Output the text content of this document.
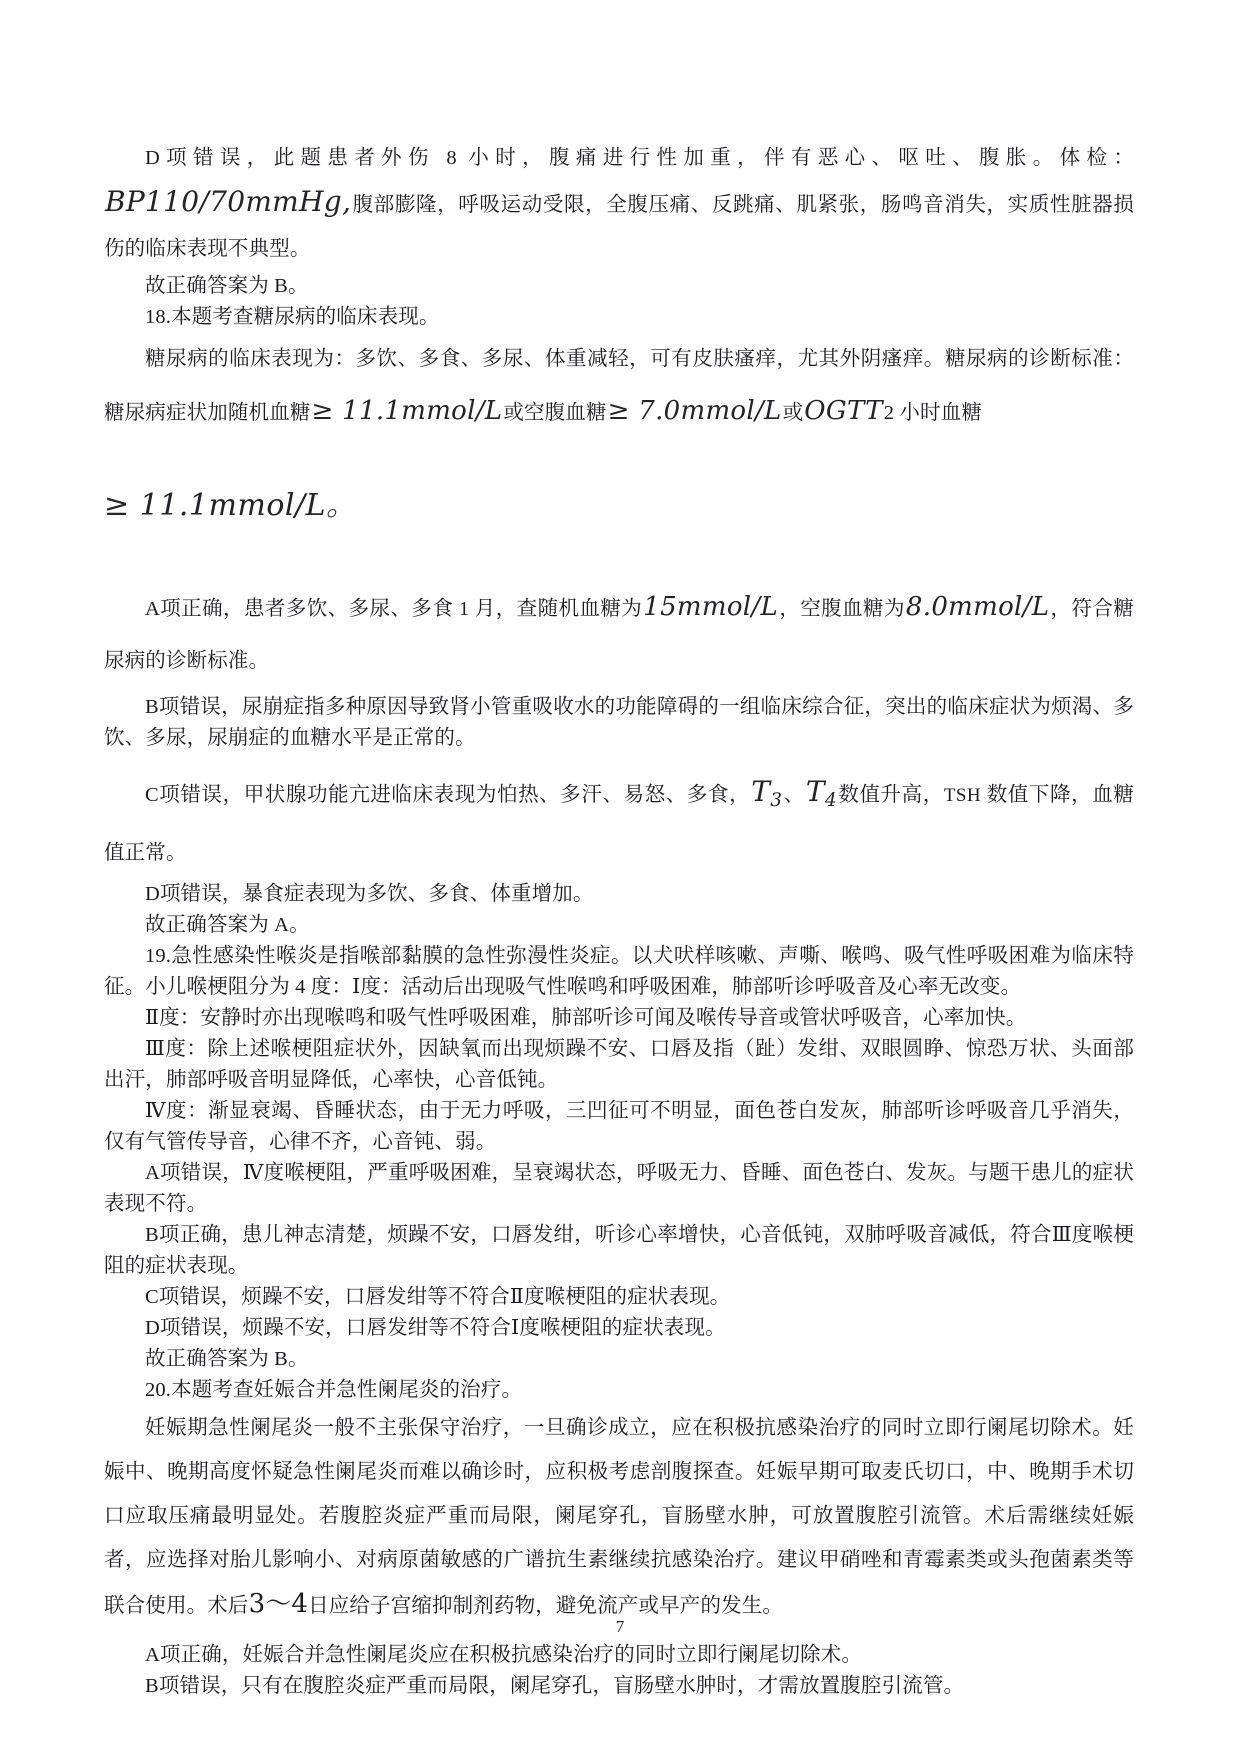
D项错误，此题患者外伤 8 小时，腹痛进行性加重，伴有恶心、呕吐、腹胀。体检：BP110/70mmHg,腹部膨隆，呼吸运动受限，全腹压痛、反跳痛、肌紧张，肠鸣音消失，实质性脏器损伤的临床表现不典型。

故正确答案为 B。

18.本题考查糖尿病的临床表现。

糖尿病的临床表现为：多饮、多食、多尿、体重减轻，可有皮肤瘙痒，尤其外阴瘙痒。糖尿病的诊断标准：糖尿病症状加随机血糖≥ 11.1mmol/L或空腹血糖≥ 7.0mmol/L或OGTT2 小时血糖

≥ 11.1mmol/L。

A项正确，患者多饮、多尿、多食 1 月，查随机血糖为15mmol/L，空腹血糖为8.0mmol/L，符合糖尿病的诊断标准。

B项错误，尿崩症指多种原因导致肾小管重吸收水的功能障碍的一组临床综合征，突出的临床症状为烦渴、多饮、多尿，尿崩症的血糖水平是正常的。

C项错误，甲状腺功能亢进临床表现为怕热、多汗、易怒、多食，$T_3$、$T_4$数值升高，TSH 数值下降，血糖值正常。

D项错误，暴食症表现为多饮、多食、体重增加。

故正确答案为 A。

19.急性感染性喉炎是指喉部黏膜的急性弥漫性炎症。以犬吠样咳嗽、声嘶、喉鸣、吸气性呼吸困难为临床特征。小儿喉梗阻分为 4 度：Ⅰ度：活动后出现吸气性喉鸣和呼吸困难，肺部听诊呼吸音及心率无改变。

Ⅱ度：安静时亦出现喉鸣和吸气性呼吸困难，肺部听诊可闻及喉传导音或管状呼吸音，心率加快。

Ⅲ度：除上述喉梗阻症状外，因缺氧而出现烦躁不安、口唇及指（趾）发绀、双眼圆睁、惊恐万状、头面部出汗，肺部呼吸音明显降低，心率快，心音低钝。

Ⅳ度：渐显衰竭、昏睡状态，由于无力呼吸，三凹征可不明显，面色苍白发灰，肺部听诊呼吸音几乎消失，仅有气管传导音，心律不齐，心音钝、弱。

A项错误，Ⅳ度喉梗阻，严重呼吸困难，呈衰竭状态，呼吸无力、昏睡、面色苍白、发灰。与题干患儿的症状表现不符。

B项正确，患儿神志清楚，烦躁不安，口唇发绀，听诊心率增快，心音低钝，双肺呼吸音减低，符合Ⅲ度喉梗阻的症状表现。

C项错误，烦躁不安，口唇发绀等不符合Ⅱ度喉梗阻的症状表现。

D项错误，烦躁不安，口唇发绀等不符合Ⅰ度喉梗阻的症状表现。

故正确答案为 B。

20.本题考查妊娠合并急性阑尾炎的治疗。

妊娠期急性阑尾炎一般不主张保守治疗，一旦确诊成立，应在积极抗感染治疗的同时立即行阑尾切除术。妊娠中、晚期高度怀疑急性阑尾炎而难以确诊时，应积极考虑剖腹探查。妊娠早期可取麦氏切口，中、晚期手术切口应取压痛最明显处。若腹腔炎症严重而局限，阑尾穿孔，盲肠壁水肿，可放置腹腔引流管。术后需继续妊娠者，应选择对胎儿影响小、对病原菌敏感的广谱抗生素继续抗感染治疗。建议甲硝唑和青霉素类或头孢菌素类等联合使用。术后3～4日应给子宫缩抑制剂药物，避免流产或早产的发生。

A项正确，妊娠合并急性阑尾炎应在积极抗感染治疗的同时立即行阑尾切除术。

B项错误，只有在腹腔炎症严重而局限，阑尾穿孔，盲肠壁水肿时，才需放置腹腔引流管。

7
